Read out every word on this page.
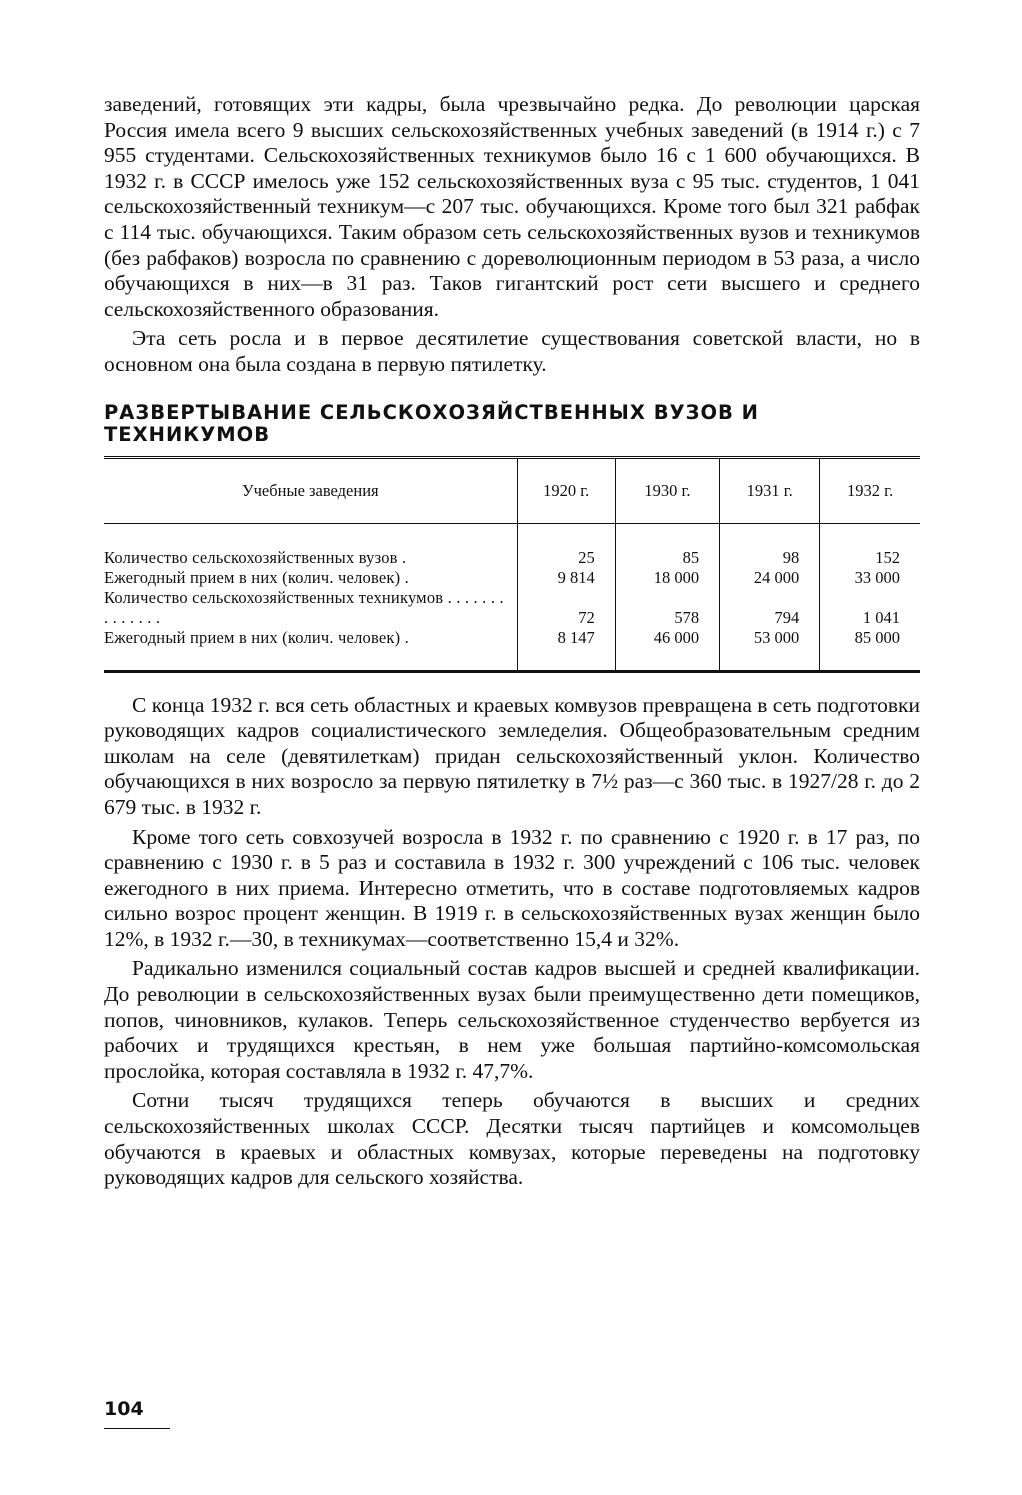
заведений, готовящих эти кадры, была чрезвычайно редка. До революции царская Россия имела всего 9 высших сельскохозяйственных учебных заведений (в 1914 г.) с 7 955 студентами. Сельскохозяйственных техникумов было 16 с 1 600 обучающихся. В 1932 г. в СССР имелось уже 152 сельскохозяйственных вуза с 95 тыс. студентов, 1 041 сельскохозяйственный техникум—с 207 тыс. обучающихся. Кроме того был 321 рабфак с 114 тыс. обучающихся. Таким образом сеть сельскохозяйственных вузов и техникумов (без рабфаков) возросла по сравнению с дореволюционным периодом в 53 раза, а число обучающихся в них—в 31 раз. Таков гигантский рост сети высшего и среднего сельскохозяйственного образования.

Эта сеть росла и в первое десятилетие существования советской власти, но в основном она была создана в первую пятилетку.

РАЗВЕРТЫВАНИЕ СЕЛЬСКОХОЗЯЙСТВЕННЫХ ВУЗОВ И ТЕХНИКУМОВ
Учебные заведения	1920 г.	1930 г.	1931 г.	1932 г.
Количество сельскохозяйственных вузов .	25	85	98	152
Ежегодный прием в них (колич. человек) .	9 814	18 000	24 000	33 000
Количество сельскохозяйственных техникумов . . . . . . . . . . . . . .	72	578	794	1 041
Ежегодный прием в них (колич. человек) .	8 147	46 000	53 000	85 000

С конца 1932 г. вся сеть областных и краевых комвузов превращена в сеть подготовки руководящих кадров социалистического земледелия. Общеобразовательным средним школам на селе (девятилеткам) придан сельскохозяйственный уклон. Количество обучающихся в них возросло за первую пятилетку в 7½ раз—с 360 тыс. в 1927/28 г. до 2 679 тыс. в 1932 г.

Кроме того сеть совхозучей возросла в 1932 г. по сравнению с 1920 г. в 17 раз, по сравнению с 1930 г. в 5 раз и составила в 1932 г. 300 учреждений с 106 тыс. человек ежегодного в них приема. Интересно отметить, что в составе подготовляемых кадров сильно возрос процент женщин. В 1919 г. в сельскохозяйственных вузах женщин было 12%, в 1932 г.—30, в техникумах—соответственно 15,4 и 32%.

Радикально изменился социальный состав кадров высшей и средней квалификации. До революции в сельскохозяйственных вузах были преимущественно дети помещиков, попов, чиновников, кулаков. Теперь сельскохозяйственное студенчество вербуется из рабочих и трудящихся крестьян, в нем уже большая партийно-комсомольская прослойка, которая составляла в 1932 г. 47,7%.

Сотни тысяч трудящихся теперь обучаются в высших и средних сельскохозяйственных школах СССР. Десятки тысяч партийцев и комсомольцев обучаются в краевых и областных комвузах, которые переведены на подготовку руководящих кадров для сельского хозяйства.

104
